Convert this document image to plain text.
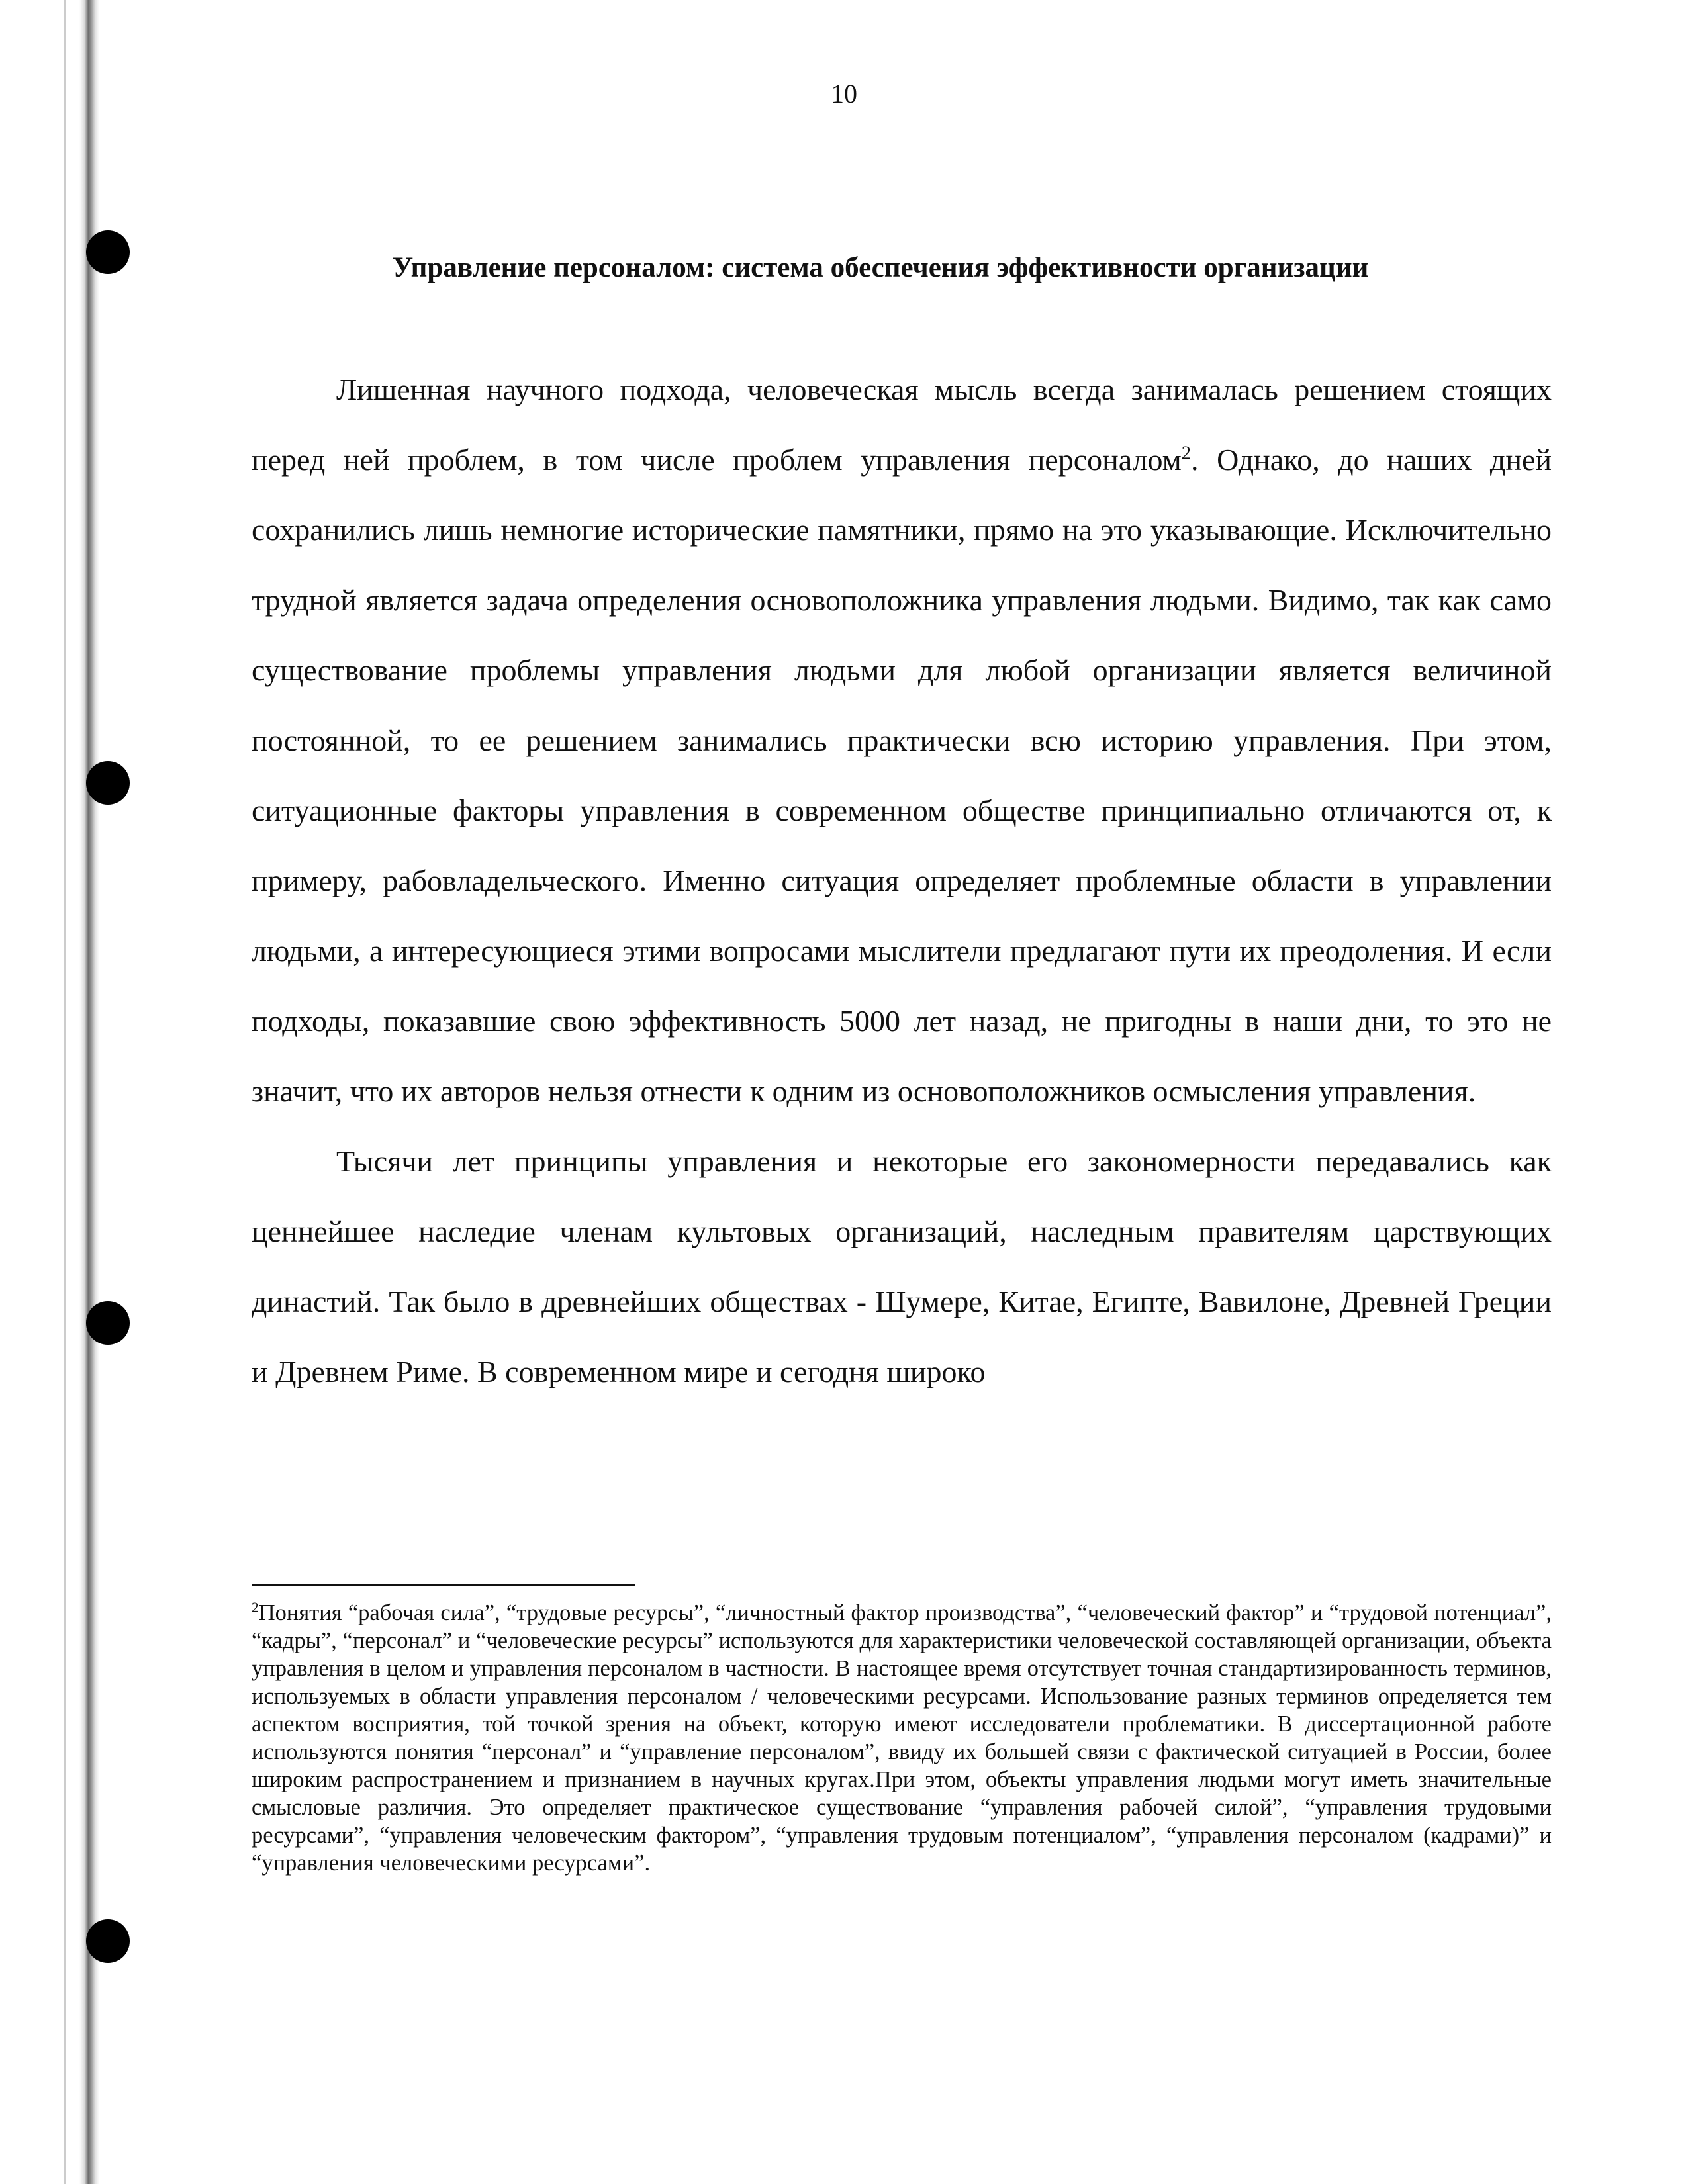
10
Управление персоналом: система обеспечения эффективности организации

Лишенная научного подхода, человеческая мысль всегда занималась решением стоящих перед ней проблем, в том числе проблем управления персоналом$^2$. Однако, до наших дней сохранились лишь немногие исторические памятники, прямо на это указывающие. Исключительно трудной является задача определения основоположника управления людьми. Видимо, так как само существование проблемы управления людьми для любой организации является величиной постоянной, то ее решением занимались практически всю историю управления. При этом, ситуационные факторы управления в современном обществе принципиально отличаются от, к примеру, рабовладельческого. Именно ситуация определяет проблемные области в управлении людьми, а интересующиеся этими вопросами мыслители предлагают пути их преодоления. И если подходы, показавшие свою эффективность 5000 лет назад, не пригодны в наши дни, то это не значит, что их авторов нельзя отнести к одним из основоположников осмысления управления.

Тысячи лет принципы управления и некоторые его закономерности передавались как ценнейшее наследие членам культовых организаций, наследным правителям царствующих династий. Так было в древнейших обществах - Шумере, Китае, Египте, Вавилоне, Древней Греции и Древнем Риме. В современном мире и сегодня широко

$^2$Понятия “рабочая сила”, “трудовые ресурсы”, “личностный фактор производства”, “человеческий фактор” и “трудовой потенциал”, “кадры”, “персонал” и “человеческие ресурсы” используются для характеристики человеческой составляющей организации, объекта управления в целом и управления персоналом в частности. В настоящее время отсутствует точная стандартизированность терминов, используемых в области управления персоналом / человеческими ресурсами. Использование разных терминов определяется тем аспектом восприятия, той точкой зрения на объект, которую имеют исследователи проблематики. В диссертационной работе используются понятия “персонал” и “управление персоналом”, ввиду их большей связи с фактической ситуацией в России, более широким распространением и признанием в научных кругах.При этом, объекты управления людьми могут иметь значительные смысловые различия. Это определяет практическое существование “управления рабочей силой”, “управления трудовыми ресурсами”, “управления человеческим фактором”, “управления трудовым потенциалом”, “управления персоналом (кадрами)” и “управления человеческими ресурсами”.
